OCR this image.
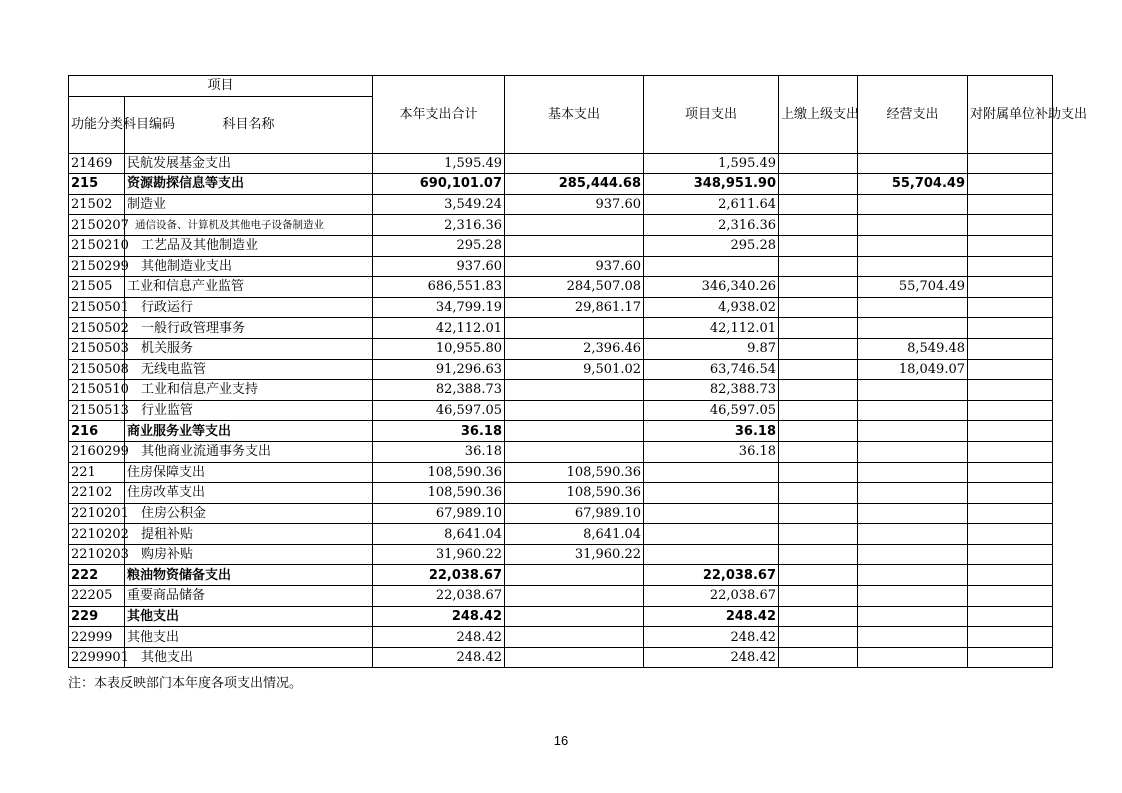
项目		本年支出合计	基本支出	项目支出	上缴上级支出	经营支出	对附属单位补助支出
功能分类科目编码	科目名称						
21469	民航发展基金支出	1,595.49		1,595.49			
215	资源勘探信息等支出	690,101.07	285,444.68	348,951.90		55,704.49	
21502	制造业	3,549.24	937.60	2,611.64			
2150207	通信设备、计算机及其他电子设备制造业	2,316.36		2,316.36			
2150210	工艺品及其他制造业	295.28		295.28			
2150299	其他制造业支出	937.60	937.60				
21505	工业和信息产业监管	686,551.83	284,507.08	346,340.26		55,704.49	
2150501	行政运行	34,799.19	29,861.17	4,938.02			
2150502	一般行政管理事务	42,112.01		42,112.01			
2150503	机关服务	10,955.80	2,396.46	9.87		8,549.48	
2150508	无线电监管	91,296.63	9,501.02	63,746.54		18,049.07	
2150510	工业和信息产业支持	82,388.73		82,388.73			
2150513	行业监管	46,597.05		46,597.05			
216	商业服务业等支出	36.18		36.18			
2160299	其他商业流通事务支出	36.18		36.18			
221	住房保障支出	108,590.36	108,590.36				
22102	住房改革支出	108,590.36	108,590.36				
2210201	住房公积金	67,989.10	67,989.10				
2210202	提租补贴	8,641.04	8,641.04				
2210203	购房补贴	31,960.22	31,960.22				
222	粮油物资储备支出	22,038.67		22,038.67			
22205	重要商品储备	22,038.67		22,038.67			
229	其他支出	248.42		248.42			
22999	其他支出	248.42		248.42			
2299901	其他支出	248.42		248.42			
注：本表反映部门本年度各项支出情况。
16
